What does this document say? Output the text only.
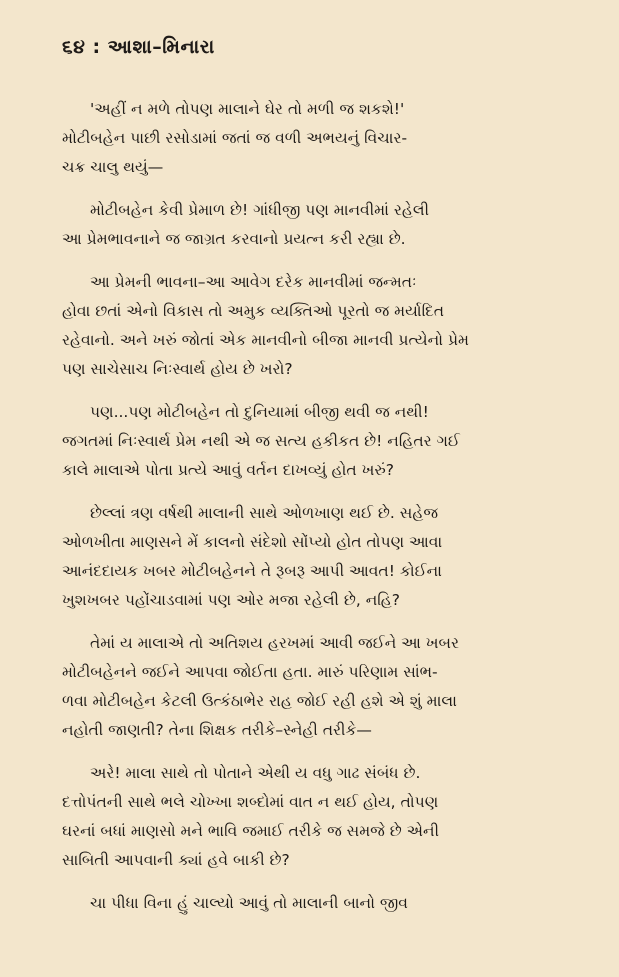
૬૪ : આશા–મિનારા
'અહીં ન મળે તોપણ માલાને ઘેર તો મળી જ શકશે!'
મોટીબહેન પાછી રસોડામાં જતાં જ વળી અભયનું વિચાર-
ચક્ર ચાલુ થયું—
મોટીબહેન કેવી પ્રેમાળ છે! ગાંધીજી પણ માનવીમાં રહેલી
આ પ્રેમભાવનાને જ જાગ્રત કરવાનો પ્રયત્ન કરી રહ્યા છે.
આ પ્રેમની ભાવના–આ આવેગ દરેક માનવીમાં જન્મતઃ
હોવા છતાં એનો વિકાસ તો અમુક વ્યક્તિઓ પૂરતો જ મર્યાદિત
રહેવાનો. અને ખરું જોતાં એક માનવીનો બીજા માનવી પ્રત્યેનો પ્રેમ
પણ સાચેસાચ નિઃસ્વાર્થ હોય છે ખરો?
પણ...પણ મોટીબહેન તો દુનિયામાં બીજી થવી જ નથી!
જગતમાં નિઃસ્વાર્થ પ્રેમ નથી એ જ સત્ય હકીકત છે! નહિતર ગઈ
કાલે માલાએ પોતા પ્રત્યે આવું વર્તન દાખવ્યું હોત ખરું?
છેલ્લાં ત્રણ વર્ષથી માલાની સાથે ઓળખાણ થઈ છે. સહેજ
ઓળખીતા માણસને મેં કાલનો સંદેશો સોંપ્યો હોત તોપણ આવા
આનંદદાયક ખબર મોટીબહેનને તે રૂબરૂ આપી આવત! કોઈના
ખુશખબર પહોંચાડવામાં પણ ઓર મજા રહેલી છે, નહિ?
તેમાં ય માલાએ તો અતિશય હરખમાં આવી જઈને આ ખબર
મોટીબહેનને જઈને આપવા જોઈતા હતા. મારું પરિણામ સાંભ-
ળવા મોટીબહેન કેટલી ઉત્કંઠાભેર રાહ જોઈ રહી હશે એ શું માલા
નહોતી જાણતી? તેના શિક્ષક તરીકે–સ્નેહી તરીકે—
અરે! માલા સાથે તો પોતાને એથી ય વધુ ગાઢ સંબંધ છે.
દત્તોપંતની સાથે ભલે ચોખ્ખા શબ્દોમાં વાત ન થઈ હોય, તોપણ
ઘરનાં બધાં માણસો મને ભાવિ જમાઈ તરીકે જ સમજે છે એની
સાબિતી આપવાની ક્યાં હવે બાકી છે?
ચા પીધા વિના હું ચાલ્યો આવું તો માલાની બાનો જીવ
